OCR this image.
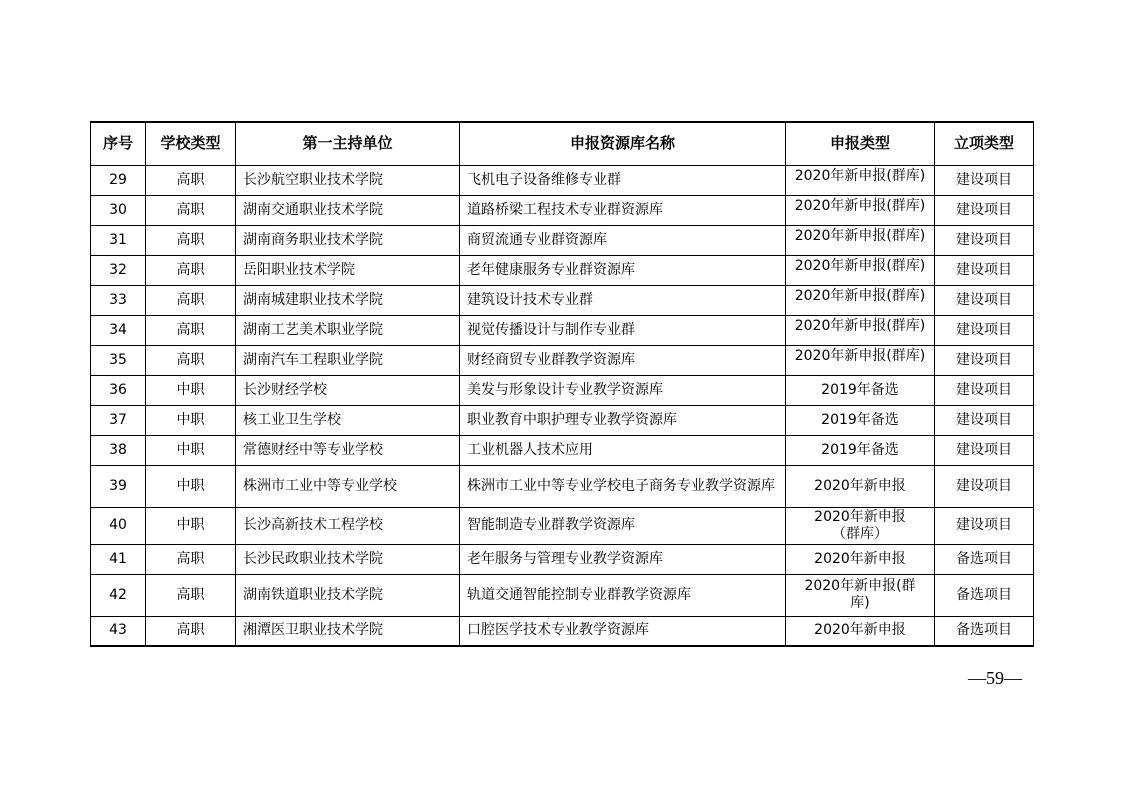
序号	学校类型	第一主持单位	申报资源库名称	申报类型	立项类型
29	高职	长沙航空职业技术学院	飞机电子设备维修专业群	2020年新申报(群库)	建设项目
30	高职	湖南交通职业技术学院	道路桥梁工程技术专业群资源库	2020年新申报(群库)	建设项目
31	高职	湖南商务职业技术学院	商贸流通专业群资源库	2020年新申报(群库)	建设项目
32	高职	岳阳职业技术学院	老年健康服务专业群资源库	2020年新申报(群库)	建设项目
33	高职	湖南城建职业技术学院	建筑设计技术专业群	2020年新申报(群库)	建设项目
34	高职	湖南工艺美术职业学院	视觉传播设计与制作专业群	2020年新申报(群库)	建设项目
35	高职	湖南汽车工程职业学院	财经商贸专业群教学资源库	2020年新申报(群库)	建设项目
36	中职	长沙财经学校	美发与形象设计专业教学资源库	2019年备选	建设项目
37	中职	核工业卫生学校	职业教育中职护理专业教学资源库	2019年备选	建设项目
38	中职	常德财经中等专业学校	工业机器人技术应用	2019年备选	建设项目
39	中职	株洲市工业中等专业学校	株洲市工业中等专业学校电子商务专业教学资源库	2020年新申报	建设项目
40	中职	长沙高新技术工程学校	智能制造专业群教学资源库	2020年新申报（群库）	建设项目
41	高职	长沙民政职业技术学院	老年服务与管理专业教学资源库	2020年新申报	备选项目
42	高职	湖南铁道职业技术学院	轨道交通智能控制专业群教学资源库	2020年新申报(群库)	备选项目
43	高职	湘潭医卫职业技术学院	口腔医学技术专业教学资源库	2020年新申报	备选项目
—59—
